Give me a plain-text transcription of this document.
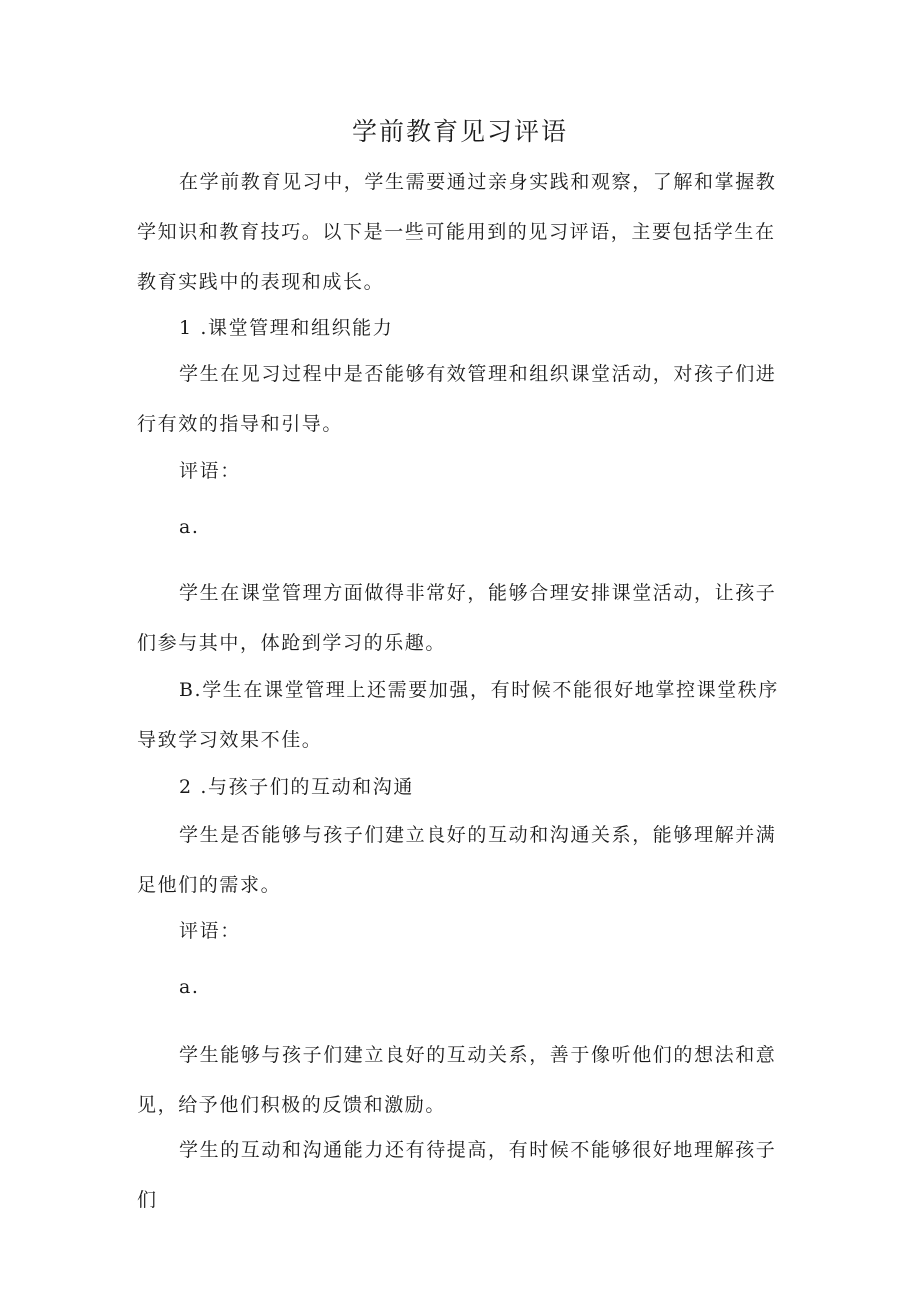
学前教育见习评语

在学前教育见习中，学生需要通过亲身实践和观察，了解和掌握教学知识和教育技巧。以下是一些可能用到的见习评语，主要包括学生在教育实践中的表现和成长。

1 .课堂管理和组织能力

学生在见习过程中是否能够有效管理和组织课堂活动，对孩子们进行有效的指导和引导。

评语：

a.

学生在课堂管理方面做得非常好，能够合理安排课堂活动，让孩子们参与其中，体跄到学习的乐趣。

B.学生在课堂管理上还需要加强，有时候不能很好地掌控课堂秩序导致学习效果不佳。

2 .与孩子们的互动和沟通

学生是否能够与孩子们建立良好的互动和沟通关系，能够理解并满足他们的需求。

评语：

a.

学生能够与孩子们建立良好的互动关系，善于像听他们的想法和意见，给予他们积极的反馈和激励。

学生的互动和沟通能力还有待提高，有时候不能够很好地理解孩子们
